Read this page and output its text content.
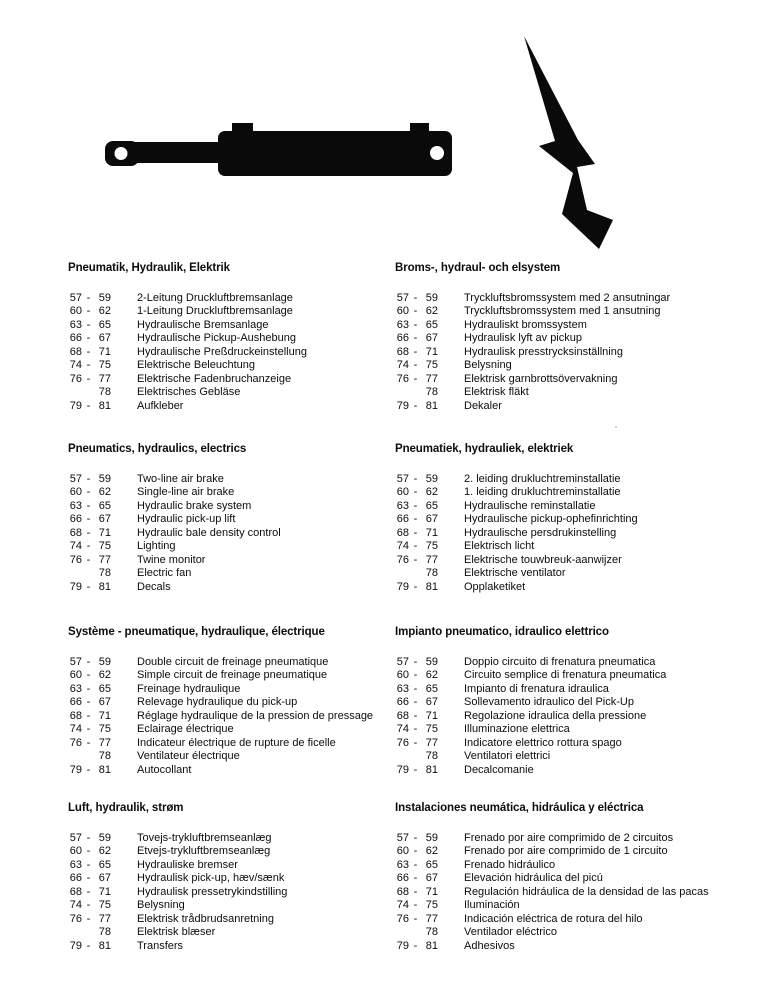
Pneumatik, Hydraulik, Elektrik
57 - 59 2-Leitung Druckluftbremsanlage
60 - 62 1-Leitung Druckluftbremsanlage
63 - 65 Hydraulische Bremsanlage
66 - 67 Hydraulische Pickup-Aushebung
68 - 71 Hydraulische Preßdruckeinstellung
74 - 75 Elektrische Beleuchtung
76 - 77 Elektrische Fadenbruchanzeige
78 Elektrisches Gebläse
79 - 81 Aufkleber
Broms-, hydraul- och elsystem
57 - 59 Tryckluftsbromssystem med 2 ansutningar
60 - 62 Tryckluftsbromssystem med 1 ansutning
63 - 65 Hydrauliskt bromssystem
66 - 67 Hydraulisk lyft av pickup
68 - 71 Hydraulisk presstrycksinställning
74 - 75 Belysning
76 - 77 Elektrisk garnbrottsövervakning
78 Elektrisk fläkt
79 - 81 Dekaler
Pneumatics, hydraulics, electrics
57 - 59 Two-line air brake
60 - 62 Single-line air brake
63 - 65 Hydraulic brake system
66 - 67 Hydraulic pick-up lift
68 - 71 Hydraulic bale density control
74 - 75 Lighting
76 - 77 Twine monitor
78 Electric fan
79 - 81 Decals
Pneumatiek, hydrauliek, elektriek
57 - 59 2. leiding drukluchtreminstallatie
60 - 62 1. leiding drukluchtreminstallatie
63 - 65 Hydraulische reminstallatie
66 - 67 Hydraulische pickup-ophefinrichting
68 - 71 Hydraulische persdrukinstelling
74 - 75 Elektrisch licht
76 - 77 Elektrische touwbreuk-aanwijzer
78 Elektrische ventilator
79 - 81 Opplaketiket
Système - pneumatique, hydraulique, électrique
57 - 59 Double circuit de freinage pneumatique
60 - 62 Simple circuit de freinage pneumatique
63 - 65 Freinage hydraulique
66 - 67 Relevage hydraulique du pick-up
68 - 71 Réglage hydraulique de la pression de pressage
74 - 75 Eclairage électrique
76 - 77 Indicateur électrique de rupture de ficelle
78 Ventilateur électrique
79 - 81 Autocollant
Impianto pneumatico, idraulico elettrico
57 - 59 Doppio circuito di frenatura pneumatica
60 - 62 Circuito semplice di frenatura pneumatica
63 - 65 Impianto di frenatura idraulica
66 - 67 Sollevamento idraulico del Pick-Up
68 - 71 Regolazione idraulica della pressione
74 - 75 Illuminazione elettrica
76 - 77 Indicatore elettrico rottura spago
78 Ventilatori elettrici
79 - 81 Decalcomanie
Luft, hydraulik, strøm
57 - 59 Tovejs-trykluftbremseanlæg
60 - 62 Etvejs-trykluftbremseanlæg
63 - 65 Hydrauliske bremser
66 - 67 Hydraulisk pick-up, hæv/sænk
68 - 71 Hydraulisk pressetrykindstilling
74 - 75 Belysning
76 - 77 Elektrisk trådbrudsanretning
78 Elektrisk blæser
79 - 81 Transfers
Instalaciones neumática, hidráulica y eléctrica
57 - 59 Frenado por aire comprimido de 2 circuitos
60 - 62 Frenado por aire comprimido de 1 circuito
63 - 65 Frenado hidráulico
66 - 67 Elevación hidráulica del picú
68 - 71 Regulación hidráulica de la densidad de las pacas
74 - 75 Iluminación
76 - 77 Indicación eléctrica de rotura del hilo
78 Ventilador eléctrico
79 - 81 Adhesivos
